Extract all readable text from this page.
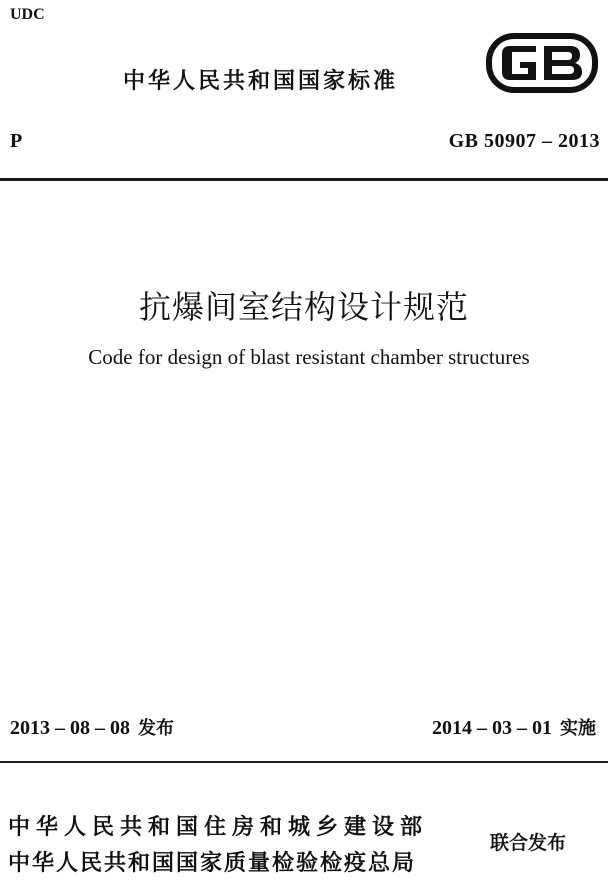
UDC
中华人民共和国国家标准
P	GB 50907 – 2013
抗爆间室结构设计规范
Code for design of blast resistant chamber structures
2013 – 08 – 08 发布	2014 – 03 – 01 实施
中华人民共和国住房和城乡建设部
中华人民共和国国家质量检验检疫总局
联合发布
